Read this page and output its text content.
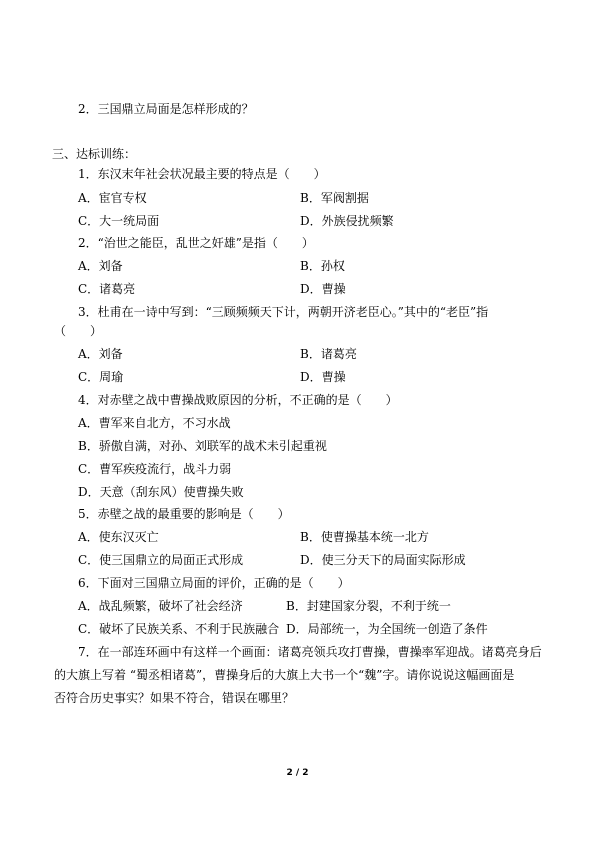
2．三国鼎立局面是怎样形成的？
三、达标训练：
1．东汉末年社会状况最主要的特点是（　　）
A．宦官专权	B．军阀割据
C．大一统局面	D．外族侵扰频繁
2．“治世之能臣，乱世之奸雄”是指（　　）
A．刘备	B．孙权
C．诸葛亮	D．曹操
3．杜甫在一诗中写到：“三顾频频天下计，两朝开济老臣心。”其中的“老臣”指
（　　）
A．刘备	B．诸葛亮
C．周瑜	D．曹操
4．对赤壁之战中曹操战败原因的分析，不正确的是（　　）
A．曹军来自北方，不习水战
B．骄傲自满，对孙、刘联军的战术未引起重视
C．曹军疾疫流行，战斗力弱
D．天意（刮东风）使曹操失败
5．赤壁之战的最重要的影响是（　　）
A．使东汉灭亡	B．使曹操基本统一北方
C．使三国鼎立的局面正式形成	D．使三分天下的局面实际形成
6．下面对三国鼎立局面的评价，正确的是（　　）
A．战乱频繁，破坏了社会经济	B．封建国家分裂，不利于统一
C．破坏了民族关系、不利于民族融合 D．局部统一，为全国统一创造了条件
7．在一部连环画中有这样一个画面：诸葛亮领兵攻打曹操，曹操率军迎战。诸葛亮身后
的大旗上写着 “蜀丞相诸葛”，曹操身后的大旗上大书一个“魏”字。请你说说这幅画面是
否符合历史事实？如果不符合，错误在哪里？
2 / 2
